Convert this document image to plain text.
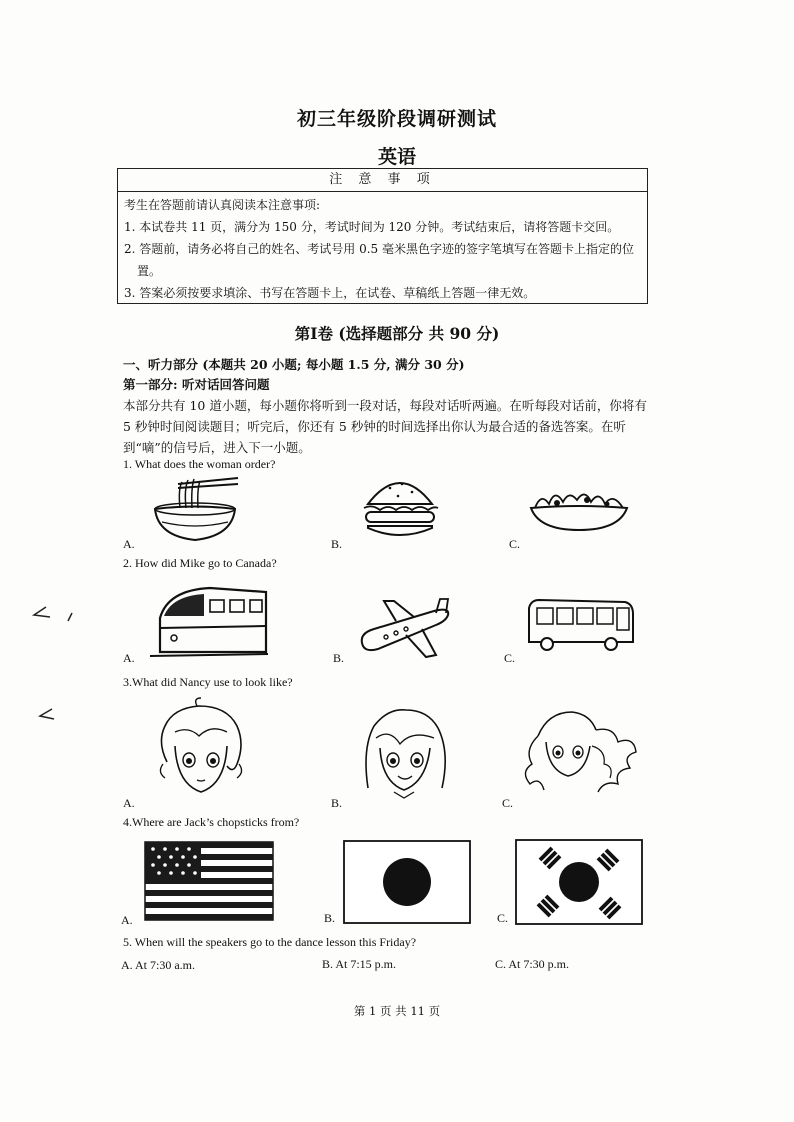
初三年级阶段调研测试
英语
注 意 事 项
考生在答题前请认真阅读本注意事项:
1. 本试卷共 11 页，满分为 150 分，考试时间为 120 分钟。考试结束后，请将答题卡交回。
2. 答题前，请务必将自己的姓名、考试号用 0.5 毫米黑色字迹的签字笔填写在答题卡上指定的位置。
3. 答案必须按要求填涂、书写在答题卡上，在试卷、草稿纸上答题一律无效。
第Ⅰ卷 (选择题部分 共 90 分)
一、听力部分 (本题共 20 小题; 每小题 1.5 分, 满分 30 分)
第一部分: 听对话回答问题
本部分共有 10 道小题，每小题你将听到一段对话，每段对话听两遍。在听每段对话前，你将有 5 秒钟时间阅读题目；听完后，你还有 5 秒钟的时间选择出你认为最合适的备选答案。在听到“嘀”的信号后，进入下一小题。
1. What does the woman order?
A.	B.	C.
2. How did Mike go to Canada?
A.	B.	C.
3.What did Nancy use to look like?
A.	B.	C.
4.Where are Jack’s chopsticks from?
A.	B.	C.
5. When will the speakers go to the dance lesson this Friday?
A. At 7:30 a.m.	B. At 7:15 p.m.	C. At 7:30 p.m.
第 1 页 共 11 页
